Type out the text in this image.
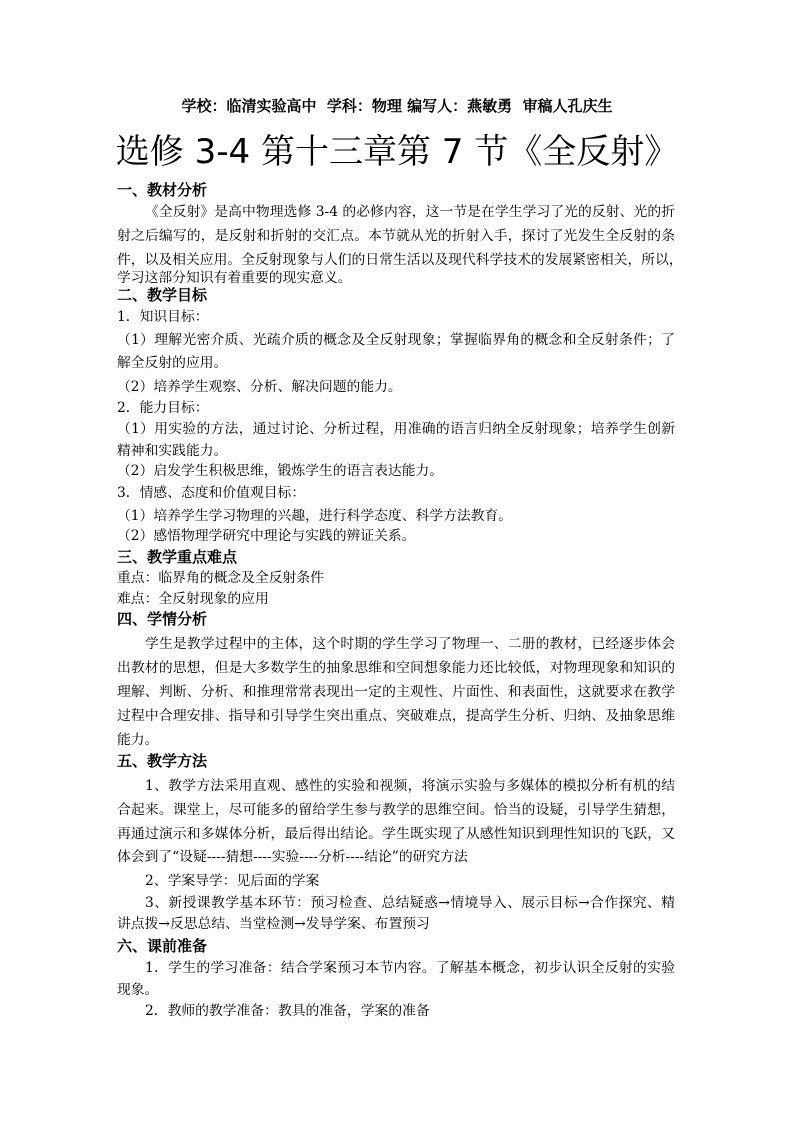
学校：临清实验高中  学科：物理 编写人：燕敏勇  审稿人孔庆生
选修 3-4 第十三章第 7 节《全反射》
一、教材分析
《全反射》是高中物理选修 3-4 的必修内容，这一节是在学生学习了光的反射、光的折
射之后编写的，是反射和折射的交汇点。本节就从光的折射入手，探讨了光发生全反射的条
件，以及相关应用。全反射现象与人们的日常生活以及现代科学技术的发展紧密相关，所以，
学习这部分知识有着重要的现实意义。
二、教学目标
1．知识目标：
（1）理解光密介质、光疏介质的概念及全反射现象；掌握临界角的概念和全反射条件；了
解全反射的应用。
（2）培养学生观察、分析、解决问题的能力。
2．能力目标：
（1）用实验的方法，通过讨论、分析过程，用准确的语言归纳全反射现象；培养学生创新
精神和实践能力。
（2）启发学生积极思维，锻炼学生的语言表达能力。
3．情感、态度和价值观目标：
（1）培养学生学习物理的兴趣，进行科学态度、科学方法教育。
（2）感悟物理学研究中理论与实践的辨证关系。
三、教学重点难点
重点：临界角的概念及全反射条件
难点：全反射现象的应用
四、学情分析
学生是教学过程中的主体，这个时期的学生学习了物理一、二册的教材，已经逐步体会
出教材的思想，但是大多数学生的抽象思维和空间想象能力还比较低，对物理现象和知识的
理解、判断、分析、和推理常常表现出一定的主观性、片面性、和表面性，这就要求在教学
过程中合理安排、指导和引导学生突出重点、突破难点，提高学生分析、归纳、及抽象思维
能力。
五、教学方法
1、教学方法采用直观、感性的实验和视频，将演示实验与多媒体的模拟分析有机的结
合起来。课堂上，尽可能多的留给学生参与教学的思维空间。恰当的设疑，引导学生猜想，
再通过演示和多媒体分析，最后得出结论。学生既实现了从感性知识到理性知识的飞跃，又
体会到了“设疑----猜想----实验----分析----结论”的研究方法
2、学案导学：见后面的学案
3、新授课教学基本环节：预习检查、总结疑惑→情境导入、展示目标→合作探究、精
讲点拨→反思总结、当堂检测→发导学案、布置预习
六、课前准备
1．学生的学习准备：结合学案预习本节内容。了解基本概念，初步认识全反射的实验
现象。
2．教师的教学准备：教具的准备，学案的准备
